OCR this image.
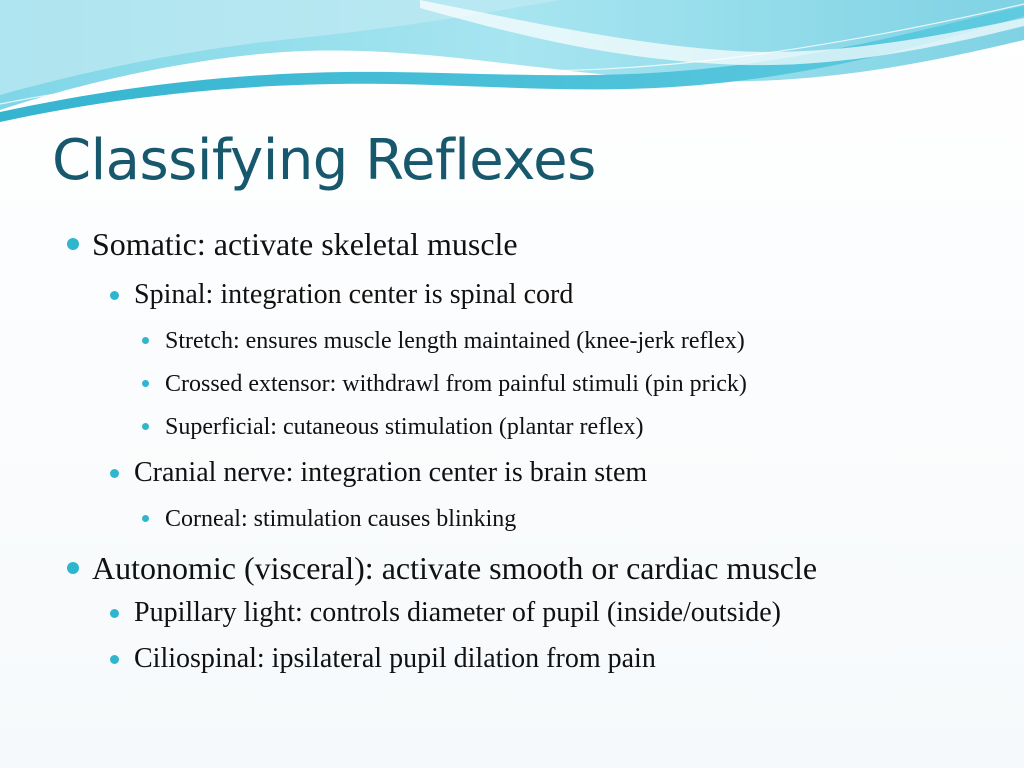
Classifying Reflexes
Somatic: activate skeletal muscle
Spinal: integration center is spinal cord
Stretch: ensures muscle length maintained (knee-jerk reflex)
Crossed extensor: withdrawl from painful stimuli (pin prick)
Superficial: cutaneous stimulation (plantar reflex)
Cranial nerve: integration center is brain stem
Corneal: stimulation causes blinking
Autonomic (visceral): activate smooth or cardiac muscle
Pupillary light: controls diameter of pupil (inside/outside)
Ciliospinal: ipsilateral pupil dilation from pain
